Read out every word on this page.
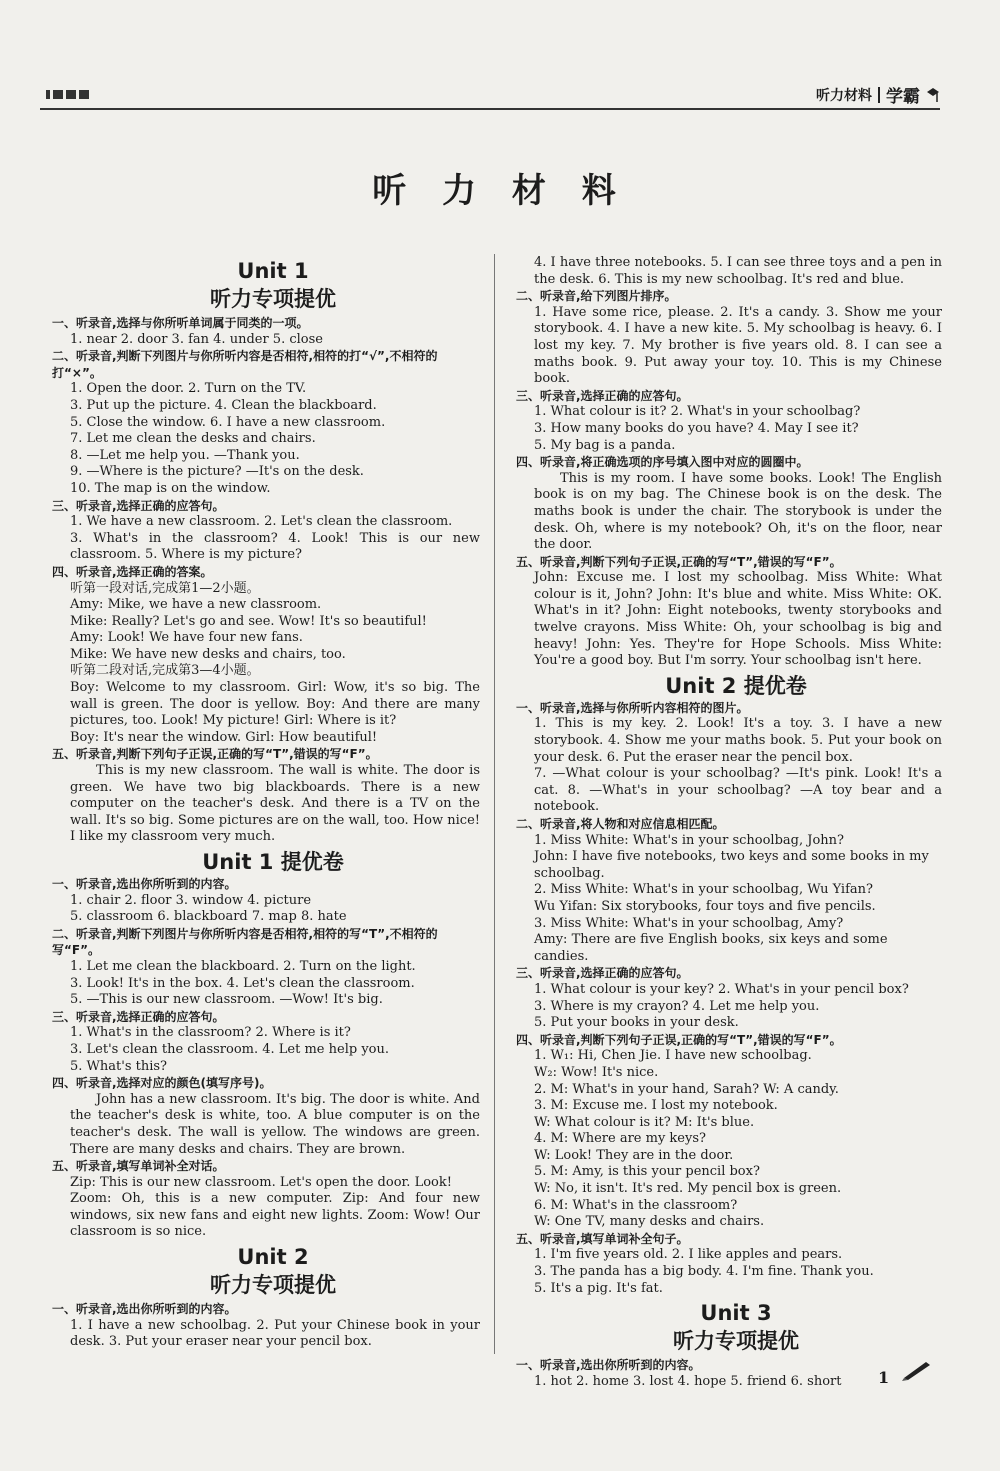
听力材料 学霸
听 力 材 料
Unit 1
听力专项提优
一、听录音,选择与你所听单词属于同类的一项。
1. near 2. door 3. fan 4. under 5. close
二、听录音,判断下列图片与你所听内容是否相符,相符的打“√”,不相符的打“×”。
1. Open the door. 2. Turn on the TV.
3. Put up the picture. 4. Clean the blackboard.
5. Close the window. 6. I have a new classroom.
7. Let me clean the desks and chairs.
8. —Let me help you. —Thank you.
9. —Where is the picture? —It's on the desk.
10. The map is on the window.
三、听录音,选择正确的应答句。
1. We have a new classroom. 2. Let's clean the classroom.
3. What's in the classroom? 4. Look! This is our new classroom. 5. Where is my picture?
四、听录音,选择正确的答案。
听第一段对话,完成第1—2小题。
Amy: Mike, we have a new classroom.
Mike: Really? Let's go and see. Wow! It's so beautiful!
Amy: Look! We have four new fans.
Mike: We have new desks and chairs, too.
听第二段对话,完成第3—4小题。
Boy: Welcome to my classroom. Girl: Wow, it's so big. The wall is green. The door is yellow. Boy: And there are many pictures, too. Look! My picture! Girl: Where is it?
Boy: It's near the window. Girl: How beautiful!
五、听录音,判断下列句子正误,正确的写“T”,错误的写“F”。
This is my new classroom. The wall is white. The door is green. We have two big blackboards. There is a new computer on the teacher's desk. And there is a TV on the wall. It's so big. Some pictures are on the wall, too. How nice! I like my classroom very much.
Unit 1 提优卷
一、听录音,选出你所听到的内容。
1. chair 2. floor 3. window 4. picture
5. classroom 6. blackboard 7. map 8. hate
二、听录音,判断下列图片与你所听内容是否相符,相符的写“T”,不相符的写“F”。
1. Let me clean the blackboard. 2. Turn on the light.
3. Look! It's in the box. 4. Let's clean the classroom.
5. —This is our new classroom. —Wow! It's big.
三、听录音,选择正确的应答句。
1. What's in the classroom? 2. Where is it?
3. Let's clean the classroom. 4. Let me help you.
5. What's this?
四、听录音,选择对应的颜色(填写序号)。
John has a new classroom. It's big. The door is white. And the teacher's desk is white, too. A blue computer is on the teacher's desk. The wall is yellow. The windows are green. There are many desks and chairs. They are brown.
五、听录音,填写单词补全对话。
Zip: This is our new classroom. Let's open the door. Look!
Zoom: Oh, this is a new computer. Zip: And four new windows, six new fans and eight new lights. Zoom: Wow! Our classroom is so nice.
Unit 2
听力专项提优
一、听录音,选出你所听到的内容。
1. I have a new schoolbag. 2. Put your Chinese book in your desk. 3. Put your eraser near your pencil box.
4. I have three notebooks. 5. I can see three toys and a pen in the desk. 6. This is my new schoolbag. It's red and blue.
二、听录音,给下列图片排序。
1. Have some rice, please. 2. It's a candy. 3. Show me your storybook. 4. I have a new kite. 5. My schoolbag is heavy. 6. I lost my key. 7. My brother is five years old. 8. I can see a maths book. 9. Put away your toy. 10. This is my Chinese book.
三、听录音,选择正确的应答句。
1. What colour is it? 2. What's in your schoolbag?
3. How many books do you have? 4. May I see it?
5. My bag is a panda.
四、听录音,将正确选项的序号填入图中对应的圆圈中。
This is my room. I have some books. Look! The English book is on my bag. The Chinese book is on the desk. The maths book is under the chair. The storybook is under the desk. Oh, where is my notebook? Oh, it's on the floor, near the door.
五、听录音,判断下列句子正误,正确的写“T”,错误的写“F”。
John: Excuse me. I lost my schoolbag. Miss White: What colour is it, John? John: It's blue and white. Miss White: OK. What's in it? John: Eight notebooks, twenty storybooks and twelve crayons. Miss White: Oh, your schoolbag is big and heavy! John: Yes. They're for Hope Schools. Miss White: You're a good boy. But I'm sorry. Your schoolbag isn't here.
Unit 2 提优卷
一、听录音,选择与你所听内容相符的图片。
1. This is my key. 2. Look! It's a toy. 3. I have a new storybook. 4. Show me your maths book. 5. Put your book on your desk. 6. Put the eraser near the pencil box.
7. —What colour is your schoolbag? —It's pink. Look! It's a cat. 8. —What's in your schoolbag? —A toy bear and a notebook.
二、听录音,将人物和对应信息相匹配。
1. Miss White: What's in your schoolbag, John?
John: I have five notebooks, two keys and some books in my schoolbag.
2. Miss White: What's in your schoolbag, Wu Yifan?
Wu Yifan: Six storybooks, four toys and five pencils.
3. Miss White: What's in your schoolbag, Amy?
Amy: There are five English books, six keys and some candies.
三、听录音,选择正确的应答句。
1. What colour is your key? 2. What's in your pencil box?
3. Where is my crayon? 4. Let me help you.
5. Put your books in your desk.
四、听录音,判断下列句子正误,正确的写“T”,错误的写“F”。
1. W₁: Hi, Chen Jie. I have new schoolbag.
W₂: Wow! It's nice.
2. M: What's in your hand, Sarah? W: A candy.
3. M: Excuse me. I lost my notebook.
W: What colour is it? M: It's blue.
4. M: Where are my keys?
W: Look! They are in the door.
5. M: Amy, is this your pencil box?
W: No, it isn't. It's red. My pencil box is green.
6. M: What's in the classroom?
W: One TV, many desks and chairs.
五、听录音,填写单词补全句子。
1. I'm five years old. 2. I like apples and pears.
3. The panda has a big body. 4. I'm fine. Thank you.
5. It's a pig. It's fat.
Unit 3
听力专项提优
一、听录音,选出你所听到的内容。
1. hot 2. home 3. lost 4. hope 5. friend 6. short	1
